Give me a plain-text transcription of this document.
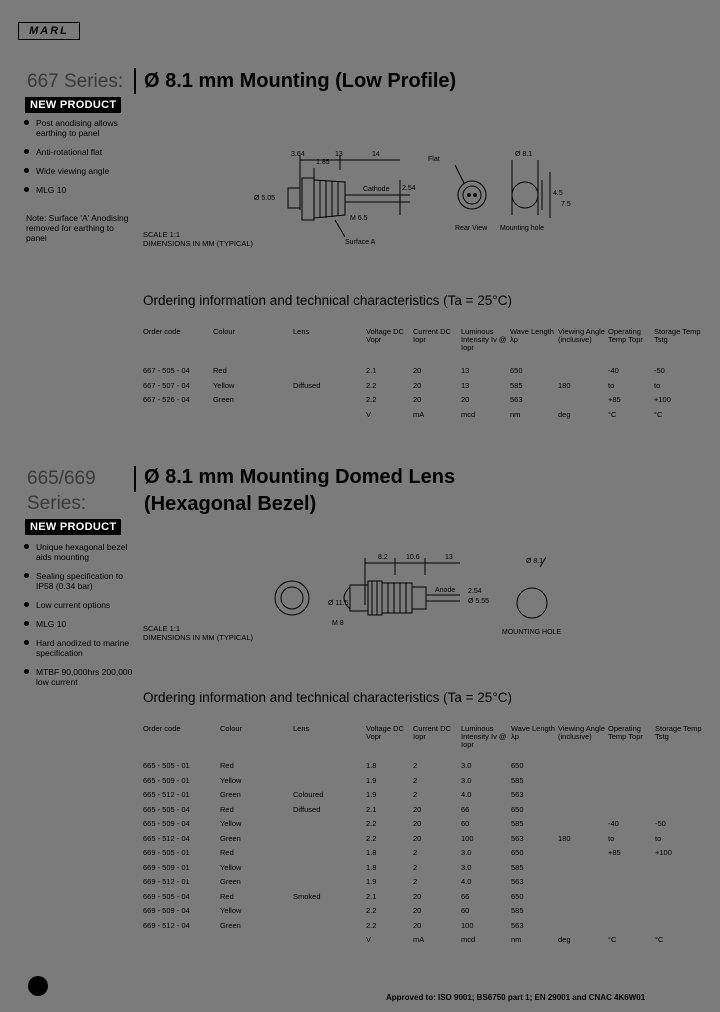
MARL
667 Series: Ø 8.1 mm Mounting (Low Profile)
NEW PRODUCT
Post anodising allows earthing to panel
Anti-rotational flat
Wide viewing angle
MLG 10
Note: Surface 'A' Anodising removed for earthing to panel
3.64
1.85
13	14
Cathode 2.54
Ø 5.05
M 6.5
Surface A
Flat
Ø 8.1
4.5
7.5
Rear View Mounting hole
SCALE 1:1
DIMENSIONS IN MM (TYPICAL)
Ordering information and technical characteristics (Ta = 25°C)
Order code	Colour	Lens	Voltage DC Vopr	Current DC Iopr	Luminous Intensity Iv @ Iopr	Wave Length λp	Viewing Angle (inclusive)	Operating Temp Topr	Storage Temp Tstg
667 - 505 - 04	Red		2.1	20	13	650		-40	-50
667 - 507 - 04	Yellow	Diffused	2.2	20	13	585	180	to	to
667 - 526 - 04	Green		2.2	20	20	563		+85	+100
			V	mA	mcd	nm	deg	°C	°C
665/669
Series:
Ø 8.1 mm Mounting Domed Lens
(Hexagonal Bezel)
NEW PRODUCT
Unique hexagonal bezel aids mounting
Sealing specification to IP58 (0.34 bar)
Low current options
MLG 10
Hard anodized to marine specification
MTBF 90,000hrs 200,000 low current
8.2	10.6	13
Ø 8.1
Anode 2.54
Ø 5.55
Ø 11.5
M 8
MOUNTING HOLE
SCALE 1:1
DIMENSIONS IN MM (TYPICAL)
Ordering information and technical characteristics (Ta = 25°C)
Order code	Colour	Lens	Voltage DC Vopr	Current DC Iopr	Luminous Intensity Iv @ Iopr	Wave Length λp	Viewing Angle (inclusive)	Operating Temp Topr	Storage Temp Tstg
665 - 505 - 01	Red		1.8	2	3.0	650			
665 - 509 - 01	Yellow		1.9	2	3.0	585			
665 - 512 - 01	Green	Coloured	1.9	2	4.0	563			
665 - 505 - 04	Red	Diffused	2.1	20	66	650			
665 - 509 - 04	Yellow		2.2	20	60	585		-40	-50
665 - 512 - 04	Green		2.2	20	100	563	180	to	to
669 - 505 - 01	Red		1.8	2	3.0	650		+85	+100
669 - 509 - 01	Yellow		1.8	2	3.0	585			
669 - 512 - 01	Green		1.9	2	4.0	563			
669 - 505 - 04	Red	Smoked	2.1	20	66	650			
669 - 509 - 04	Yellow		2.2	20	60	585			
669 - 512 - 04	Green		2.2	20	100	563			
			V	mA	mcd	nm	deg	°C	°C
Approved to: ISO 9001; BS6750 part 1; EN 29001 and CNAC 4K6W01
